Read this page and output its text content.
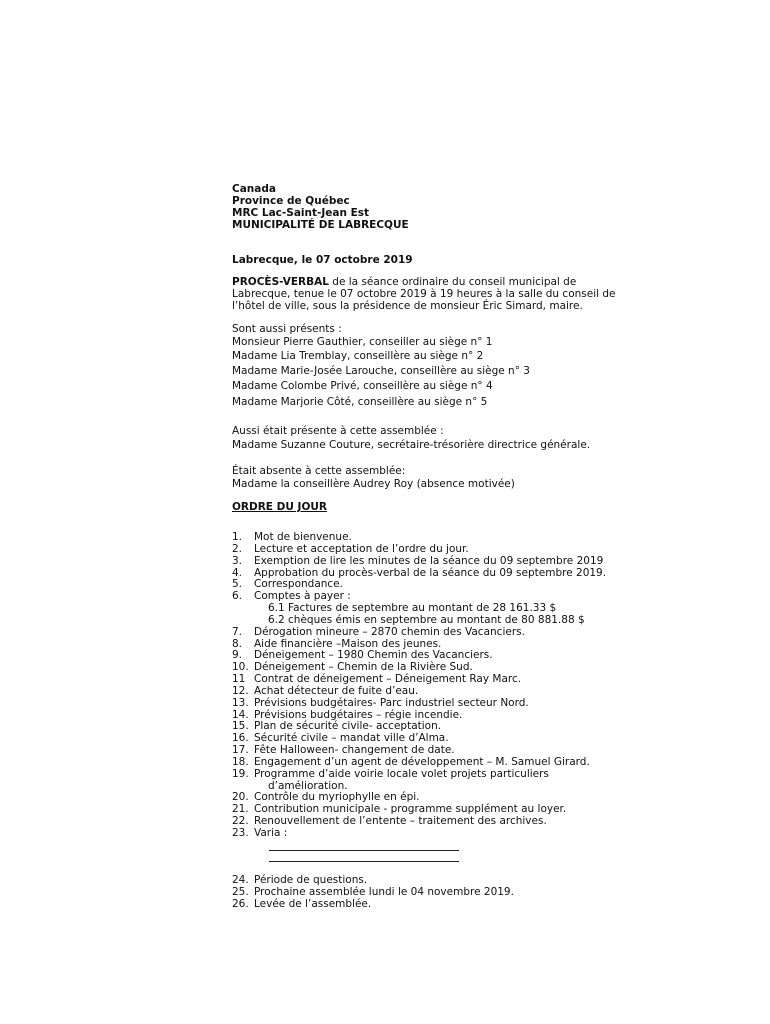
Canada
Province de Québec
MRC Lac-Saint-Jean Est
MUNICIPALITÉ DE LABRECQUE
Labrecque, le 07 octobre 2019
PROCÈS-VERBAL de la séance ordinaire du conseil municipal de
Labrecque, tenue le 07 octobre 2019 à 19 heures à la salle du conseil de
l’hôtel de ville, sous la présidence de monsieur Éric Simard, maire.
Sont aussi présents :
Monsieur Pierre Gauthier, conseiller au siège n° 1
Madame Lia Tremblay, conseillère au siège n° 2
Madame Marie-Josée Larouche, conseillère au siège n° 3
Madame Colombe Privé, conseillère au siège n° 4
Madame Marjorie Côté, conseillère au siège n° 5
Aussi était présente à cette assemblée :
Madame Suzanne Couture, secrétaire-trésorière directrice générale.
Était absente à cette assemblée:
Madame la conseillère Audrey Roy (absence motivée)
ORDRE DU JOUR
1. Mot de bienvenue.
2. Lecture et acceptation de l’ordre du jour.
3. Exemption de lire les minutes de la séance du 09 septembre 2019
4. Approbation du procès-verbal de la séance du 09 septembre 2019.
5. Correspondance.
6. Comptes à payer :
6.1 Factures de septembre au montant de 28 161.33 $
6.2 chèques émis en septembre au montant de 80 881.88 $
7. Dérogation mineure – 2870 chemin des Vacanciers.
8. Aide financière –Maison des jeunes.
9. Déneigement – 1980 Chemin des Vacanciers.
10. Déneigement – Chemin de la Rivière Sud.
11 Contrat de déneigement – Déneigement Ray Marc.
12. Achat détecteur de fuite d’eau.
13. Prévisions budgétaires- Parc industriel secteur Nord.
14. Prévisions budgétaires – régie incendie.
15. Plan de sécurité civile- acceptation.
16. Sécurité civile – mandat ville d’Alma.
17. Fête Halloween- changement de date.
18. Engagement d’un agent de développement – M. Samuel Girard.
19. Programme d’aide voirie locale volet projets particuliers
d’amélioration.
20. Contrôle du myriophylle en épi.
21. Contribution municipale - programme supplément au loyer.
22. Renouvellement de l’entente – traitement des archives.
23. Varia :
24. Période de questions.
25. Prochaine assemblée lundi le 04 novembre 2019.
26. Levée de l’assemblée.
